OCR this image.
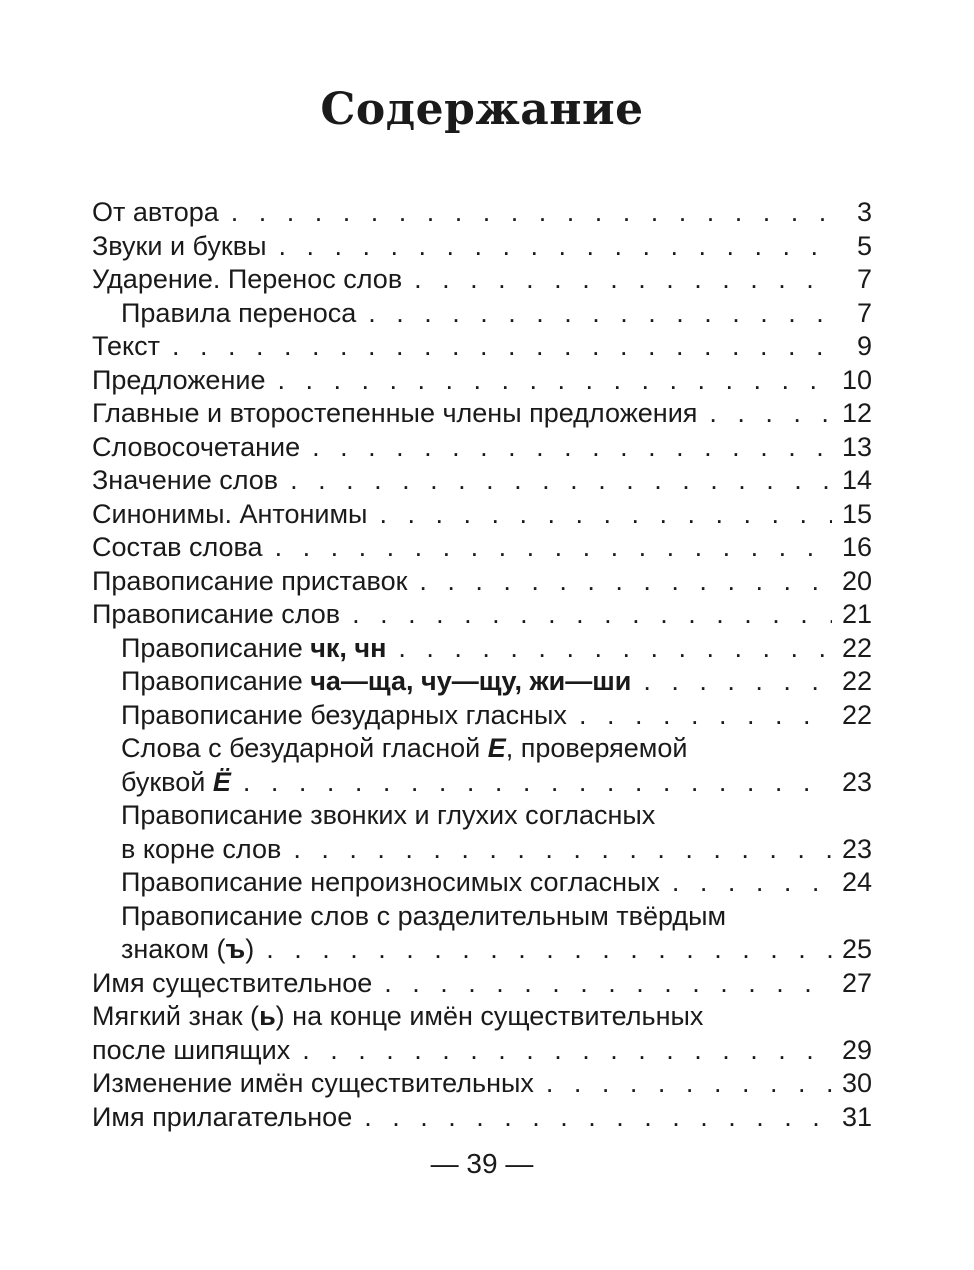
Содержание
От автора . . .	3
Звуки и буквы . . .	5
Ударение. Перенос слов . . .	7
Правила переноса . . .	7
Текст . . .	9
Предложение . . .	10
Главные и второстепенные члены предложения . . .	12
Словосочетание . . .	13
Значение слов . . .	14
Синонимы. Антонимы . . .	15
Состав слова . . .	16
Правописание приставок . . .	20
Правописание слов . . .	21
Правописание чк, чн . . .	22
Правописание ча—ща, чу—щу, жи—ши . . .	22
Правописание безударных гласных . . .	22
Слова с безударной гласной Е, проверяемой
буквой Ё . . .	23
Правописание звонких и глухих согласных
в корне слов . . .	23
Правописание непроизносимых согласных . . .	24
Правописание слов с разделительным твёрдым
знаком (ъ) . . .	25
Имя существительное . . .	27
Мягкий знак (ь) на конце имён существительных
после шипящих . . .	29
Изменение имён существительных . . .	30
Имя прилагательное . . .	31
— 39 —
